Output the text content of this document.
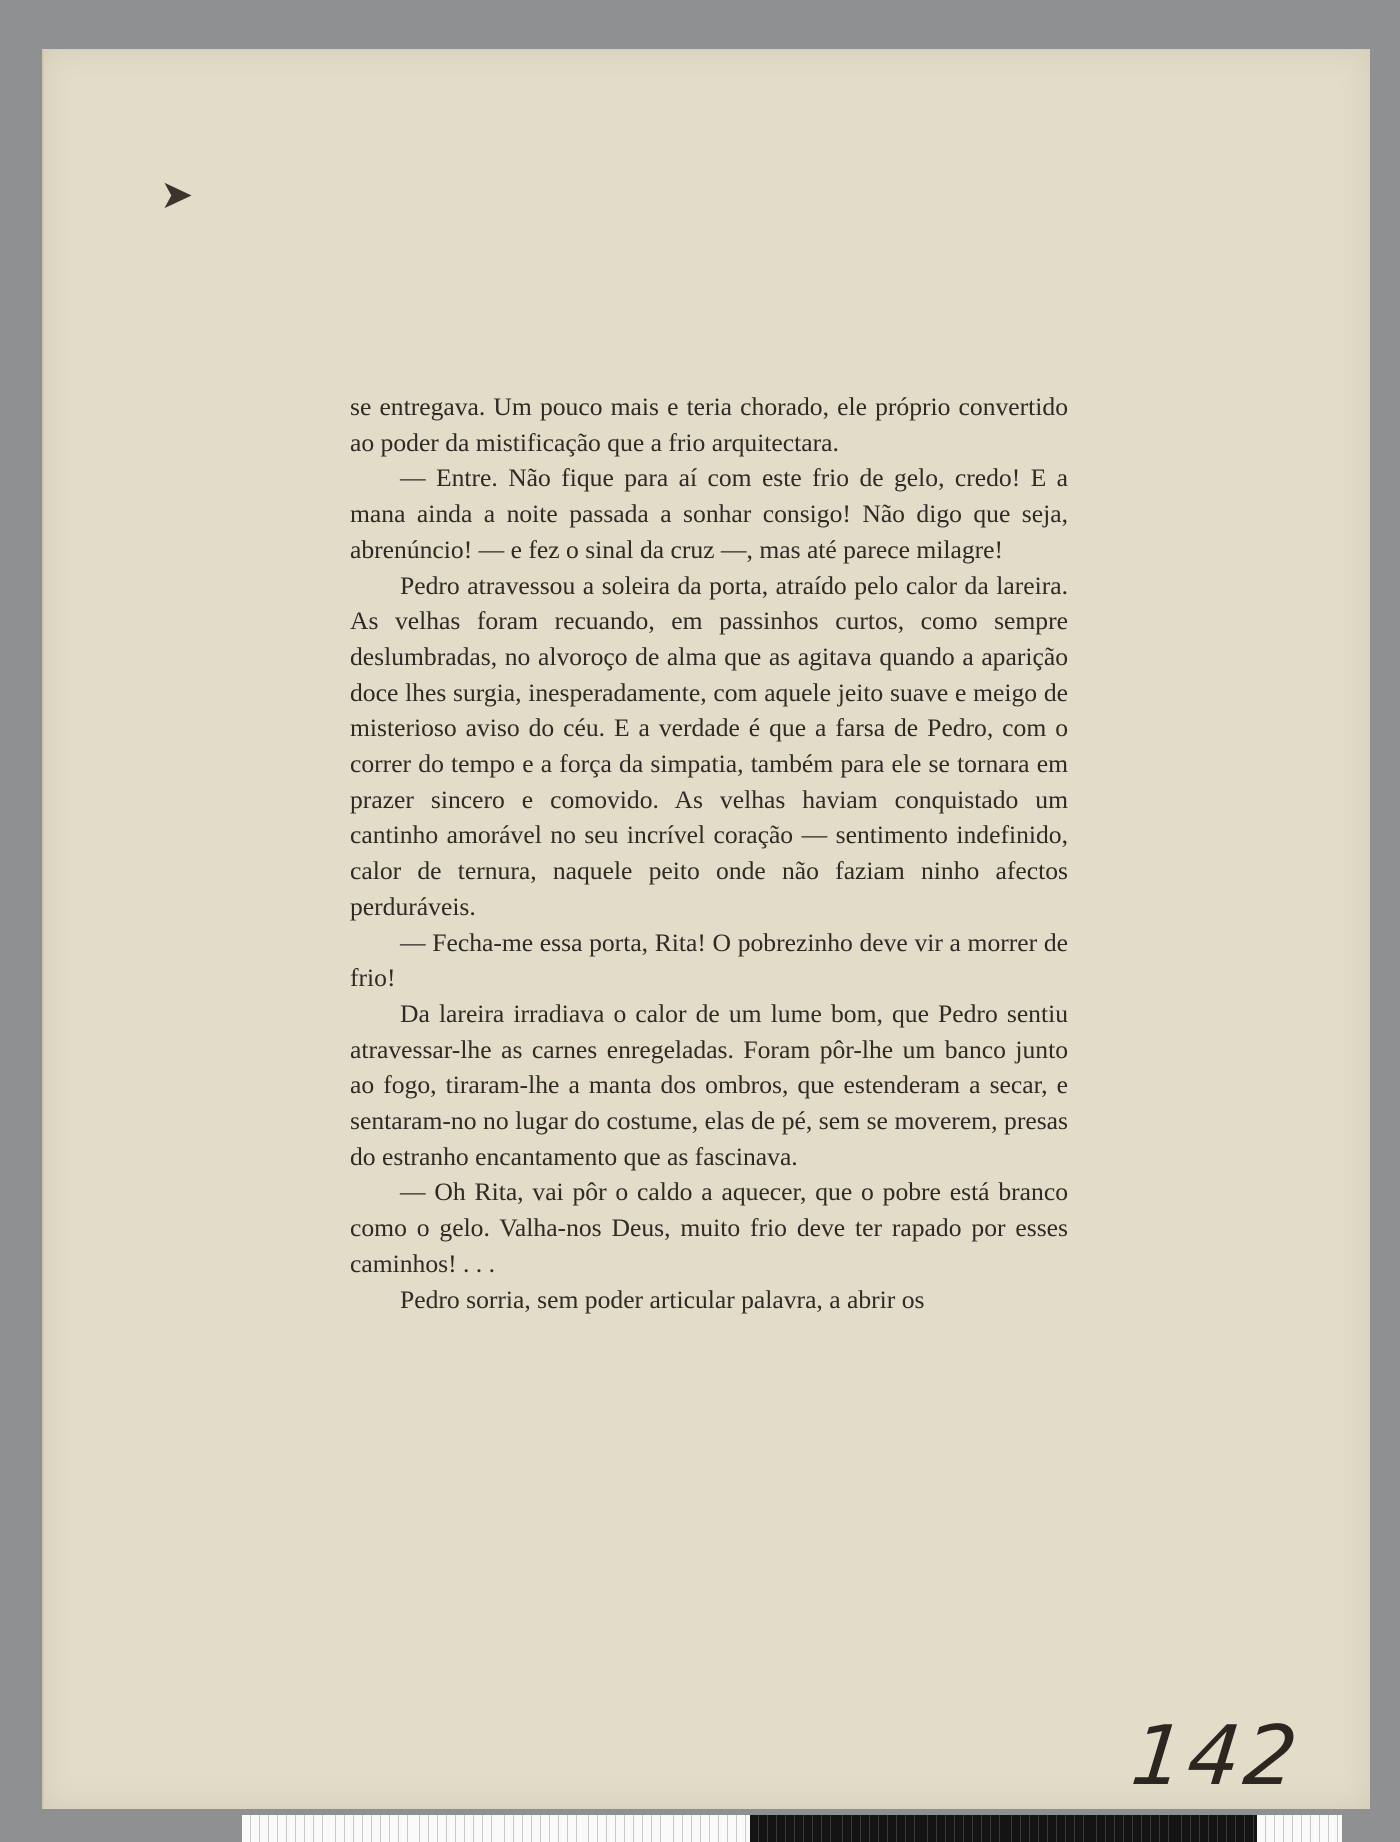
➤

se entregava. Um pouco mais e teria chorado, ele próprio convertido ao poder da mistificação que a frio arquitectara.

— Entre. Não fique para aí com este frio de gelo, credo! E a mana ainda a noite passada a sonhar consigo! Não digo que seja, abrenúncio! — e fez o sinal da cruz —, mas até parece milagre!

Pedro atravessou a soleira da porta, atraído pelo calor da lareira. As velhas foram recuando, em passinhos curtos, como sempre deslumbradas, no alvoroço de alma que as agitava quando a aparição doce lhes surgia, inesperadamente, com aquele jeito suave e meigo de misterioso aviso do céu. E a verdade é que a farsa de Pedro, com o correr do tempo e a força da simpatia, também para ele se tornara em prazer sincero e comovido. As velhas haviam conquistado um cantinho amorável no seu incrível coração — sentimento indefinido, calor de ternura, naquele peito onde não faziam ninho afectos perduráveis.

— Fecha-me essa porta, Rita! O pobrezinho deve vir a morrer de frio!

Da lareira irradiava o calor de um lume bom, que Pedro sentiu atravessar-lhe as carnes enregeladas. Foram pôr-lhe um banco junto ao fogo, tiraram-lhe a manta dos ombros, que estenderam a secar, e sentaram-no no lugar do costume, elas de pé, sem se moverem, presas do estranho encantamento que as fascinava.

— Oh Rita, vai pôr o caldo a aquecer, que o pobre está branco como o gelo. Valha-nos Deus, muito frio deve ter rapado por esses caminhos! . . .

Pedro sorria, sem poder articular palavra, a abrir os

142
